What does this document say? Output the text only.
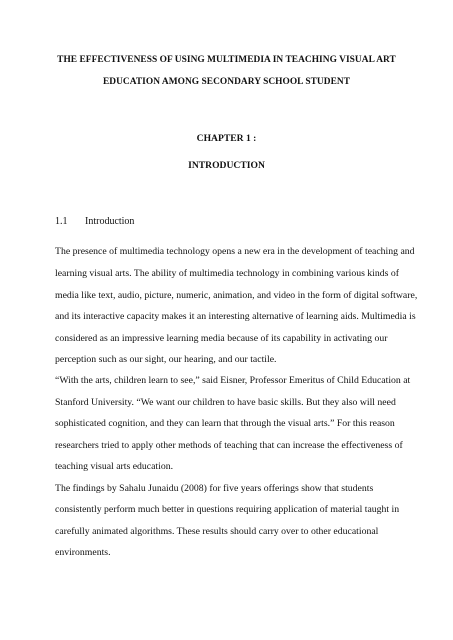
THE EFFECTIVENESS OF USING MULTIMEDIA IN TEACHING VISUAL ART
EDUCATION AMONG SECONDARY SCHOOL STUDENT
CHAPTER 1 :
INTRODUCTION
1.1 Introduction
The presence of multimedia technology opens a new era in the development of teaching and
learning visual arts. The ability of multimedia technology in combining various kinds of
media like text, audio, picture, numeric, animation, and video in the form of digital software,
and its interactive capacity makes it an interesting alternative of learning aids. Multimedia is
considered as an impressive learning media because of its capability in activating our
perception such as our sight, our hearing, and our tactile.
“With the arts, children learn to see,” said Eisner, Professor Emeritus of Child Education at
Stanford University. “We want our children to have basic skills. But they also will need
sophisticated cognition, and they can learn that through the visual arts.” For this reason
researchers tried to apply other methods of teaching that can increase the effectiveness of
teaching visual arts education.
The findings by Sahalu Junaidu (2008) for five years offerings show that students
consistently perform much better in questions requiring application of material taught in
carefully animated algorithms. These results should carry over to other educational
environments.
